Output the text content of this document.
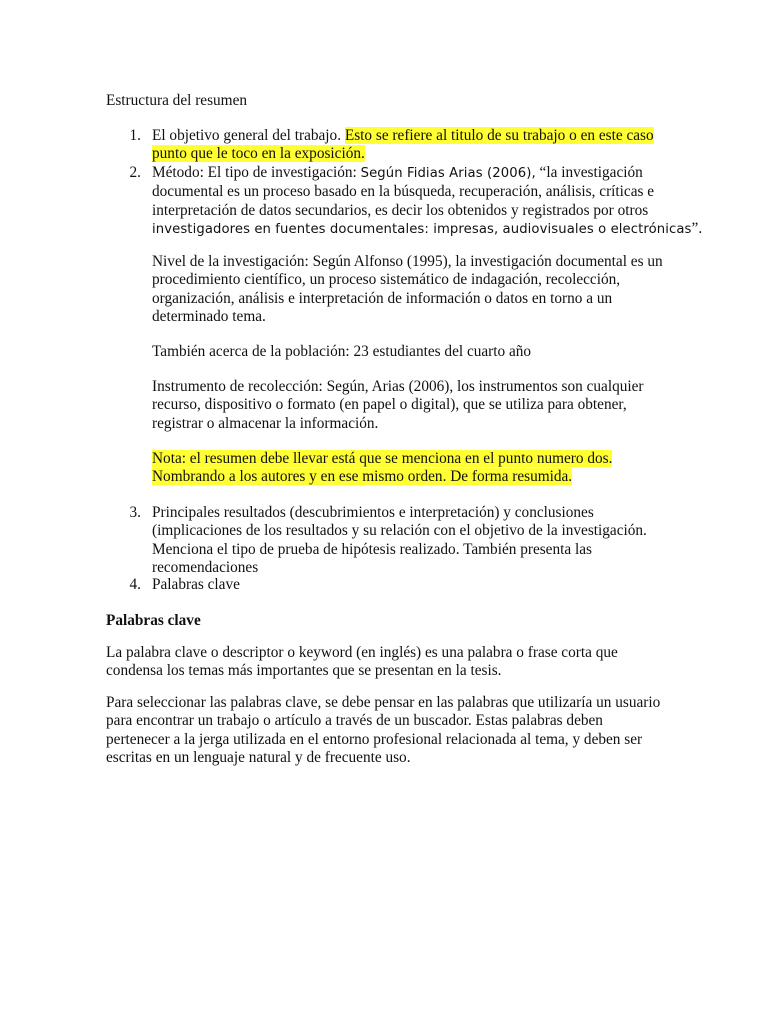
Estructura del resumen
1. El objetivo general del trabajo. Esto se refiere al titulo de su trabajo o en este caso
punto que le toco en la exposición.
2. Método: El tipo de investigación: Según Fidias Arias (2006), “la investigación
documental es un proceso basado en la búsqueda, recuperación, análisis, críticas e
interpretación de datos secundarios, es decir los obtenidos y registrados por otros
investigadores en fuentes documentales: impresas, audiovisuales o electrónicas”.
Nivel de la investigación: Según Alfonso (1995), la investigación documental es un
procedimiento científico, un proceso sistemático de indagación, recolección,
organización, análisis e interpretación de información o datos en torno a un
determinado tema.
También acerca de la población: 23 estudiantes del cuarto año
Instrumento de recolección: Según, Arias (2006), los instrumentos son cualquier
recurso, dispositivo o formato (en papel o digital), que se utiliza para obtener,
registrar o almacenar la información.
Nota: el resumen debe llevar está que se menciona en el punto numero dos.
Nombrando a los autores y en ese mismo orden. De forma resumida.
3. Principales resultados (descubrimientos e interpretación) y conclusiones
(implicaciones de los resultados y su relación con el objetivo de la investigación.
Menciona el tipo de prueba de hipótesis realizado. También presenta las
recomendaciones
4. Palabras clave
Palabras clave
La palabra clave o descriptor o keyword (en inglés) es una palabra o frase corta que
condensa los temas más importantes que se presentan en la tesis.
Para seleccionar las palabras clave, se debe pensar en las palabras que utilizaría un usuario
para encontrar un trabajo o artículo a través de un buscador. Estas palabras deben
pertenecer a la jerga utilizada en el entorno profesional relacionada al tema, y deben ser
escritas en un lenguaje natural y de frecuente uso.
